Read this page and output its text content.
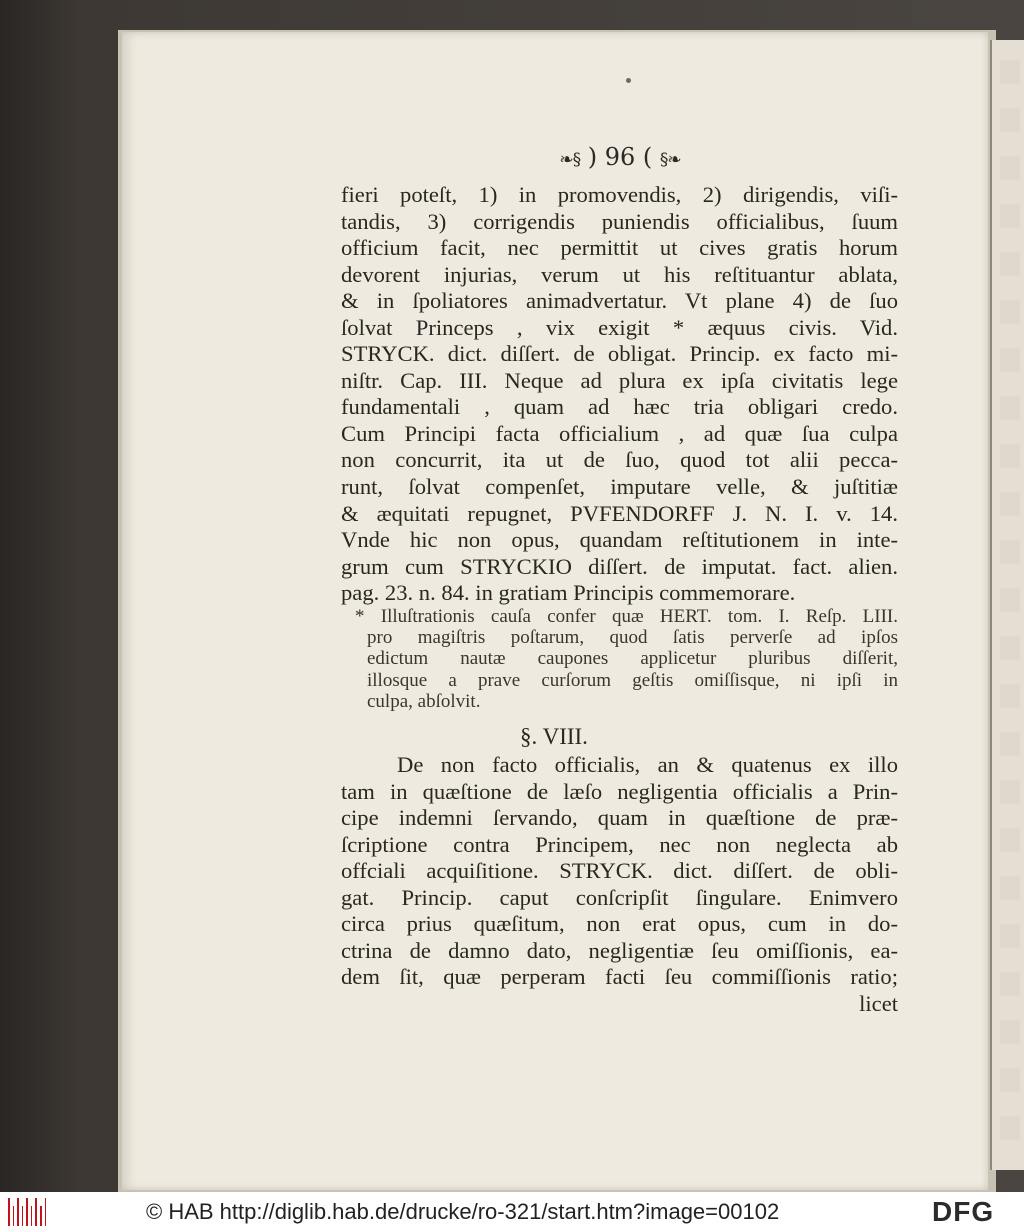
❧§ ) 96 ( §❧
fieri poteſt, 1) in promovendis, 2) dirigendis, viſi-
tandis, 3) corrigendis puniendis officialibus, ſuum
officium facit, nec permittit ut cives gratis horum
devorent injurias, verum ut his reſtituantur ablata,
& in ſpoliatores animadvertatur. Vt plane 4) de ſuo
ſolvat Princeps , vix exigit * æquus civis. Vid.
STRYCK. dict. diſſert. de obligat. Princip. ex facto mi-
niſtr. Cap. III. Neque ad plura ex ipſa civitatis lege
fundamentali , quam ad hæc tria obligari credo.
Cum Principi facta officialium , ad quæ ſua culpa
non concurrit, ita ut de ſuo, quod tot alii pecca-
runt, ſolvat compenſet, imputare velle, & juſtitiæ
& æquitati repugnet, PVFENDORFF J. N. I. v. 14.
Vnde hic non opus, quandam reſtitutionem in inte-
grum cum STRYCKIO diſſert. de imputat. fact. alien.
pag. 23. n. 84. in gratiam Principis commemorare.
* Illuſtrationis cauſa confer quæ HERT. tom. I. Reſp. LIII.
pro magiſtris poſtarum, quod ſatis perverſe ad ipſos
edictum nautæ caupones applicetur pluribus diſſerit,
illosque a prave curſorum geſtis omiſſisque, ni ipſi in
culpa, abſolvit.
§. VIII.
De non facto officialis, an & quatenus ex illo
tam in quæſtione de læſo negligentia officialis a Prin-
cipe indemni ſervando, quam in quæſtione de præ-
ſcriptione contra Principem, nec non neglecta ab
offciali acquiſitione. STRYCK. dict. diſſert. de obli-
gat. Princip. caput conſcripſit ſingulare. Enimvero
circa prius quæſitum, non erat opus, cum in do-
ctrina de damno dato, negligentiæ ſeu omiſſionis, ea-
dem ſit, quæ perperam facti ſeu commiſſionis ratio;
licet
© HAB http://diglib.hab.de/drucke/ro-321/start.htm?image=00102	DFG
